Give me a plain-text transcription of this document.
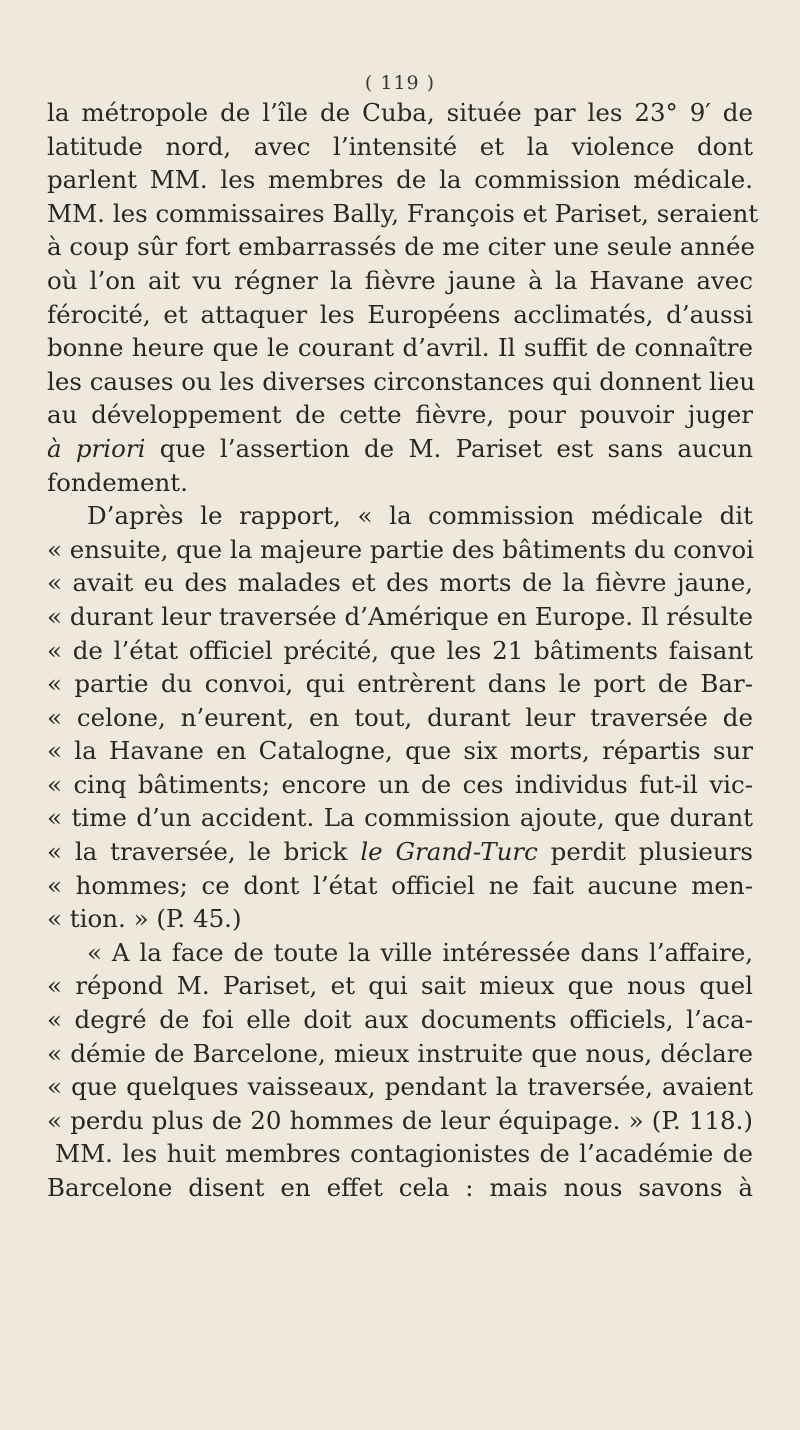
( 119 )
la métropole de l’île de Cuba, située par les 23° 9′ de
latitude nord, avec l’intensité et la violence dont
parlent MM. les membres de la commission médicale.
MM. les commissaires Bally, François et Pariset, seraient
à coup sûr fort embarrassés de me citer une seule année
où l’on ait vu régner la fièvre jaune à la Havane avec
férocité, et attaquer les Européens acclimatés, d’aussi
bonne heure que le courant d’avril. Il suffit de connaître
les causes ou les diverses circonstances qui donnent lieu
au développement de cette fièvre, pour pouvoir juger
à priori que l’assertion de M. Pariset est sans aucun
fondement.
D’après le rapport, « la commission médicale dit
« ensuite, que la majeure partie des bâtiments du convoi
« avait eu des malades et des morts de la fièvre jaune,
« durant leur traversée d’Amérique en Europe. Il résulte
« de l’état officiel précité, que les 21 bâtiments faisant
« partie du convoi, qui entrèrent dans le port de Bar-
« celone, n’eurent, en tout, durant leur traversée de
« la Havane en Catalogne, que six morts, répartis sur
« cinq bâtiments; encore un de ces individus fut-il vic-
« time d’un accident. La commission ajoute, que durant
« la traversée, le brick le Grand-Turc perdit plusieurs
« hommes; ce dont l’état officiel ne fait aucune men-
« tion. » (P. 45.)
« A la face de toute la ville intéressée dans l’affaire,
« répond M. Pariset, et qui sait mieux que nous quel
« degré de foi elle doit aux documents officiels, l’aca-
« démie de Barcelone, mieux instruite que nous, déclare
« que quelques vaisseaux, pendant la traversée, avaient
« perdu plus de 20 hommes de leur équipage. » (P. 118.)
MM. les huit membres contagionistes de l’académie de
Barcelone disent en effet cela : mais nous savons à
